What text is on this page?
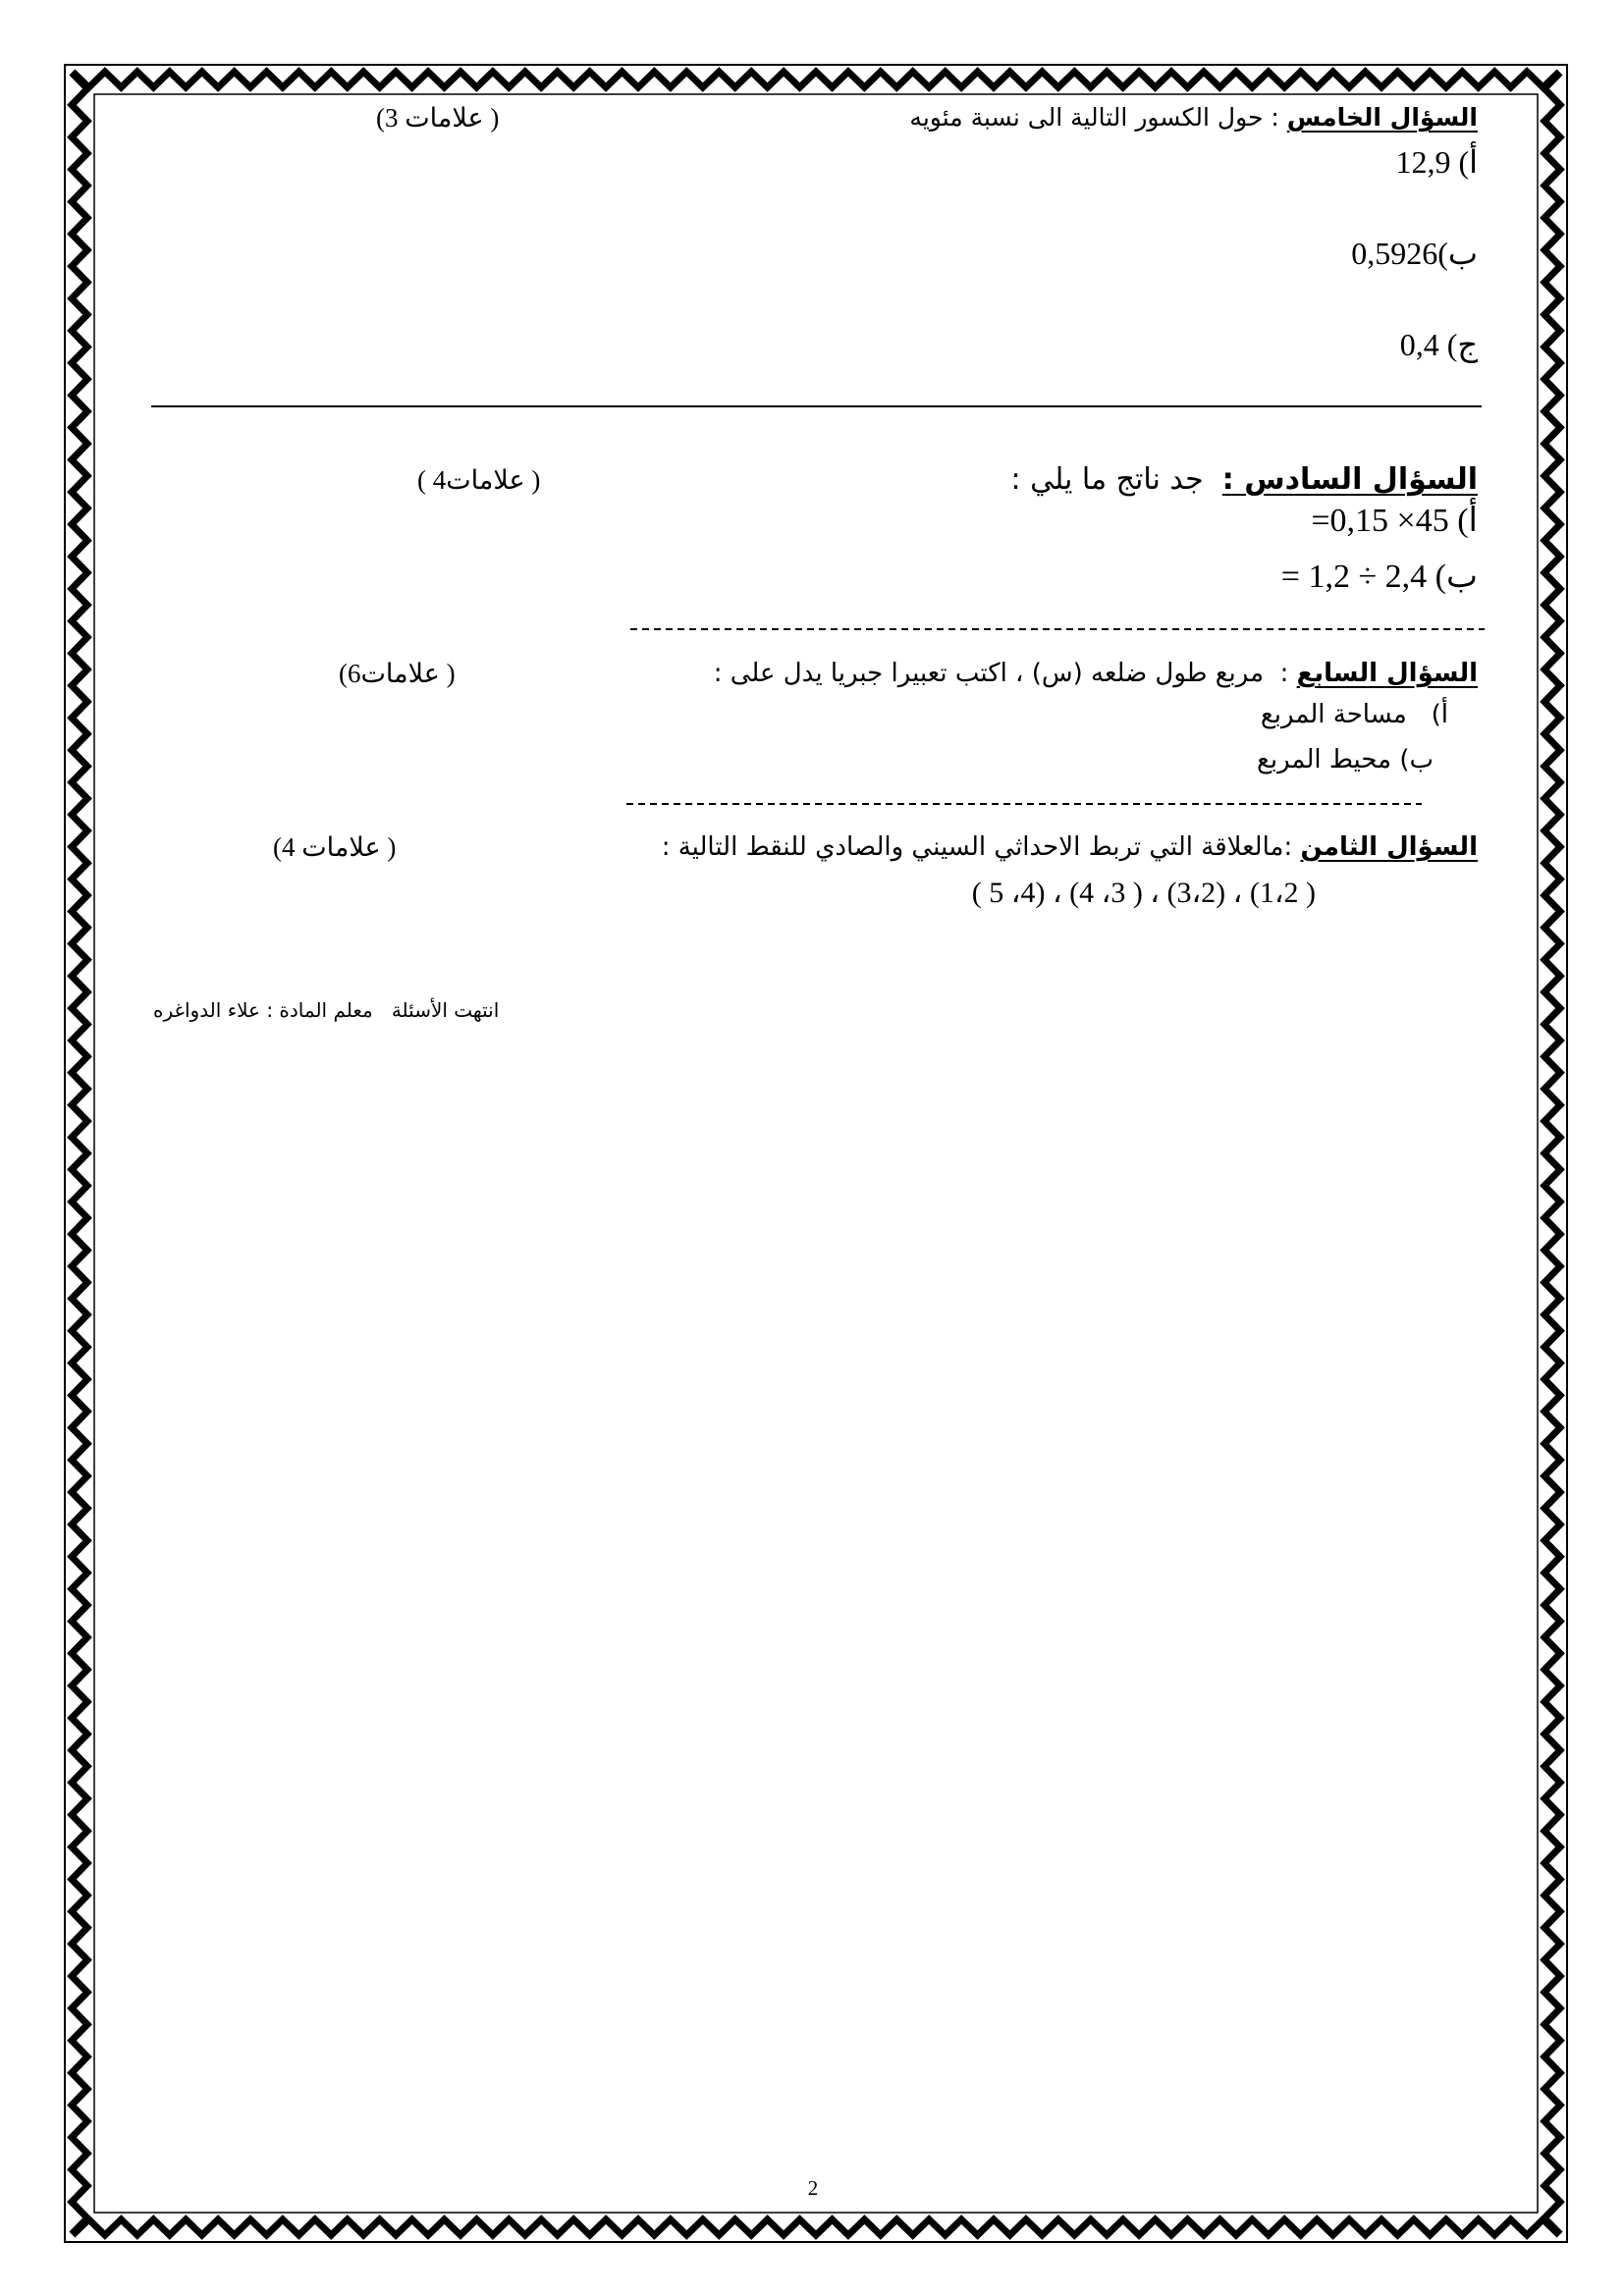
السؤال الخامس : حول الكسور التالية الى نسبة مئويه
(3 علامات )
أ) 12,9
ب)0,5926
ج) 0,4
السؤال السادس :  جد ناتج ما يلي :
( 4علامات )
أ) 45× 0,15=
ب) 2,4 ÷ 1,2 =
السؤال السابع :  مربع طول ضلعه (س) ، اكتب تعبيرا جبريا يدل على :
(6علامات )
أ)   مساحة المربع
ب) محيط المربع
السؤال الثامن :مالعلاقة التي تربط الاحداثي السيني والصادي للنقط التالية :
(4 علامات )
( 5 ،4) ، (4 ،3 ) ، (3،2) ، (1،2 )
انتهت الأسئلة   معلم المادة : علاء الدواغره
2
